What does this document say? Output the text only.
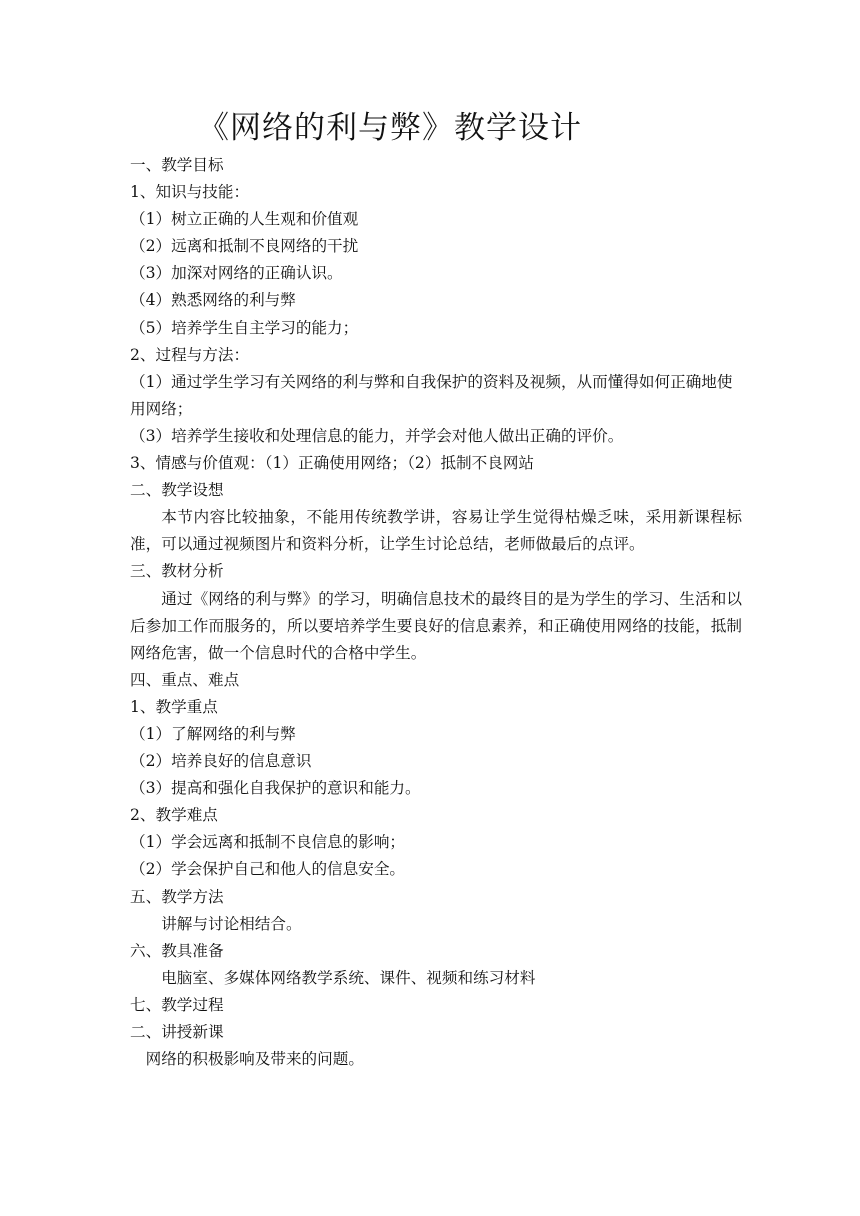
《网络的利与弊》教学设计
一、教学目标
1、知识与技能：
（1）树立正确的人生观和价值观
（2）远离和抵制不良网络的干扰
（3）加深对网络的正确认识。
（4）熟悉网络的利与弊
（5）培养学生自主学习的能力；
2、过程与方法：
（1）通过学生学习有关网络的利与弊和自我保护的资料及视频，从而懂得如何正确地使用网络；
（3）培养学生接收和处理信息的能力，并学会对他人做出正确的评价。
3、情感与价值观：（1）正确使用网络；（2）抵制不良网站
二、教学设想
本节内容比较抽象，不能用传统教学讲，容易让学生觉得枯燥乏味，采用新课程标准，可以通过视频图片和资料分析，让学生讨论总结，老师做最后的点评。
三、教材分析
通过《网络的利与弊》的学习，明确信息技术的最终目的是为学生的学习、生活和以后参加工作而服务的，所以要培养学生要良好的信息素养，和正确使用网络的技能，抵制网络危害，做一个信息时代的合格中学生。
四、重点、难点
1、教学重点
（1）了解网络的利与弊
（2）培养良好的信息意识
（3）提高和强化自我保护的意识和能力。
2、教学难点
（1）学会远离和抵制不良信息的影响；
（2）学会保护自己和他人的信息安全。
五、教学方法
讲解与讨论相结合。
六、教具准备
电脑室、多媒体网络教学系统、课件、视频和练习材料
七、教学过程
二、讲授新课
网络的积极影响及带来的问题。
